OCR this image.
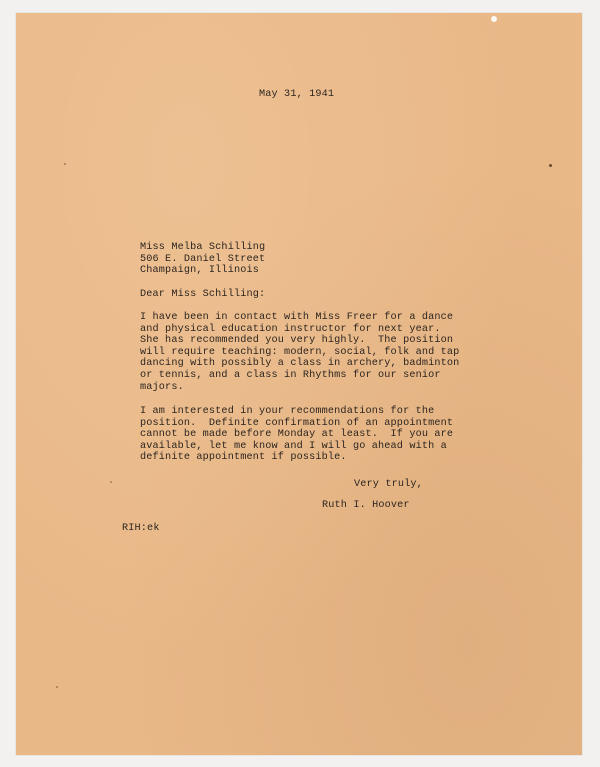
May 31, 1941

Miss Melba Schilling
506 E. Daniel Street
Champaign, Illinois

Dear Miss Schilling:

I have been in contact with Miss Freer for a dance
and physical education instructor for next year.
She has recommended you very highly.  The position
will require teaching: modern, social, folk and tap
dancing with possibly a class in archery, badminton
or tennis, and a class in Rhythms for our senior
majors.
I am interested in your recommendations for the
position.  Definite confirmation of an appointment
cannot be made before Monday at least.  If you are
available, let me know and I will go ahead with a
definite appointment if possible.

Very truly,

Ruth I. Hoover

RIH:ek
